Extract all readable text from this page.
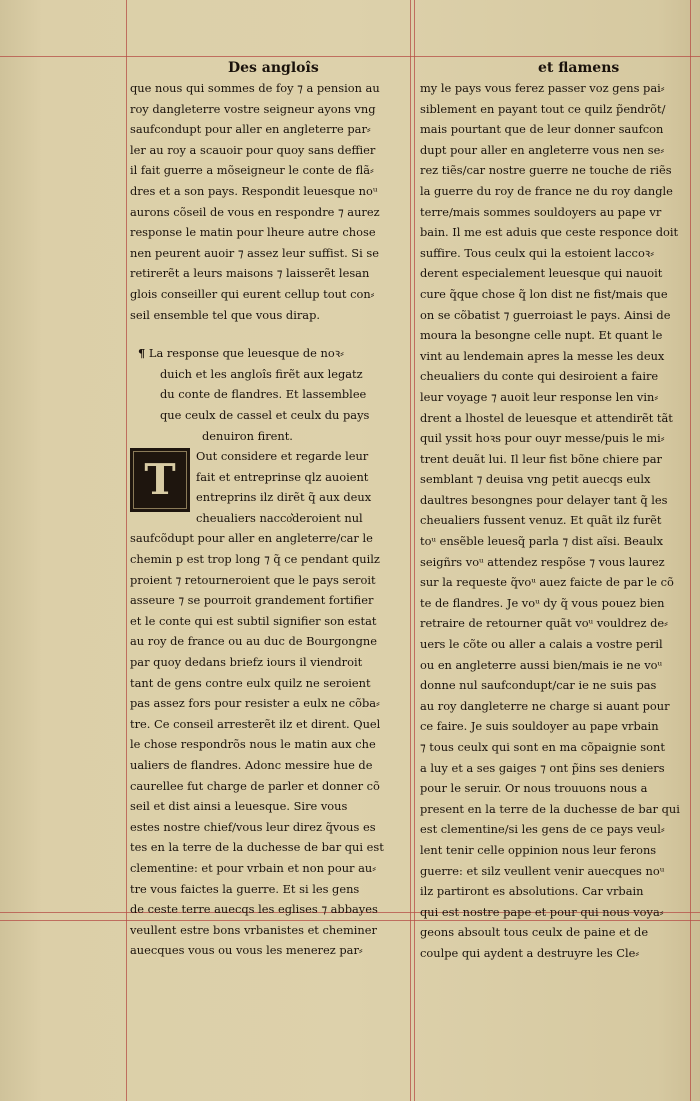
Des angloîs	et flamens
que nous qui sommes de foy ⁊ a pension au
roy dangleterre vostre seigneur ayons vng
saufcondupt pour aller en angleterre par⸗
ler au roy a scauoir pour quoy sans deffier
il fait guerre a mõseigneur le conte de flã⸗
dres et a son pays. Respondit leuesque noᵘ
aurons cõseil de vous en respondre ⁊ aurez
response le matin pour lheure autre chose
nen peurent auoir ⁊ assez leur suffist. Si se
retirerẽt a leurs maisons ⁊ laisserẽt lesan
glois conseiller qui eurent cellup tout con⸗
seil ensemble tel que vous dirap.
¶ La response que leuesque de noꝛ⸗
duich et les angloîs firẽt aux legatz
du conte de flandres. Et lassemblee
que ceulx de cassel et ceulx du pays
denuiron firent.
T	Out considere et regarde leur
fait et entreprinse qlz auoient
entreprins ilz dirẽt q̃ aux deux
cheualiers nacco͛deroient nul
saufcõdupt pour aller en angleterre/car le
chemin p est trop long ⁊ q̃ ce pendant quilz
proient ⁊ retourneroient que le pays seroit
asseure ⁊ se pourroit grandement fortifier
et le conte qui est subtil signifier son estat
au roy de france ou au duc de Bourgongne
par quoy dedans briefz iours il viendroit
tant de gens contre eulx quilz ne seroient
pas assez fors pour resister a eulx ne cõba⸗
tre. Ce conseil arresterẽt ilz et dirent. Quel
le chose respondrõs nous le matin aux che
ualiers de flandres. Adonc messire hue de
caurellee fut charge de parler et donner cõ
seil et dist ainsi a leuesque. Sire vous
estes nostre chief/vous leur direz q̃vous es
tes en la terre de la duchesse de bar qui est
clementine: et pour vrbain et non pour au⸗
tre vous faictes la guerre. Et si les gens
de ceste terre auecqs les eglises ⁊ abbayes
veullent estre bons vrbanistes et cheminer
auecques vous ou vous les menerez par⸗
my le pays vous ferez passer voz gens pai⸗
siblement en payant tout ce quilz p̃endrõt/
mais pourtant que de leur donner saufcon
dupt pour aller en angleterre vous nen se⸗
rez tiẽs/car nostre guerre ne touche de riẽs
la guerre du roy de france ne du roy dangle
terre/mais sommes souldoyers au pape vr
bain. Il me est aduis que ceste responce doit
suffire. Tous ceulx qui la estoient laccoꝛ⸗
derent especialement leuesque qui nauoit
cure q̃que chose q̃ lon dist ne fist/mais que
on se cõbatist ⁊ guerroiast le pays. Ainsi de
moura la besongne celle nupt. Et quant le
vint au lendemain apres la messe les deux
cheualiers du conte qui desiroient a faire
leur voyage ⁊ auoit leur response len vin⸗
drent a lhostel de leuesque et attendirẽt tãt
quil yssit hoꝛs pour ouyr messe/puis le mi⸗
trent deuãt lui. Il leur fist bõne chiere par
semblant ⁊ deuisa vng petit auecqs eulx
daultres besongnes pour delayer tant q̃ les
cheualiers fussent venuz. Et quãt ilz furẽt
toᵘ ensẽble leuesq̃ parla ⁊ dist aĩsi. Beaulx
seigñrs voᵘ attendez respõse ⁊ vous laurez
sur la requeste q̃voᵘ auez faicte de par le cõ
te de flandres. Je voᵘ dy q̃ vous pouez bien
retraire de retourner quãt voᵘ vouldrez de⸗
uers le cõte ou aller a calais a vostre peril
ou en angleterre aussi bien/mais ie ne voᵘ
donne nul saufcondupt/car ie ne suis pas
au roy dangleterre ne charge si auant pour
ce faire. Je suis souldoyer au pape vrbain
⁊ tous ceulx qui sont en ma cõpaignie sont
a luy et a ses gaiges ⁊ ont p̃ins ses deniers
pour le seruir. Or nous trouuons nous a
present en la terre de la duchesse de bar qui
est clementine/si les gens de ce pays veul⸗
lent tenir celle oppinion nous leur ferons
guerre: et silz veullent venir auecques noᵘ
ilz partiront es absolutions. Car vrbain
qui est nostre pape et pour qui nous voya⸗
geons absoult tous ceulx de paine et de
coulpe qui aydent a destruyre les Cle⸗
